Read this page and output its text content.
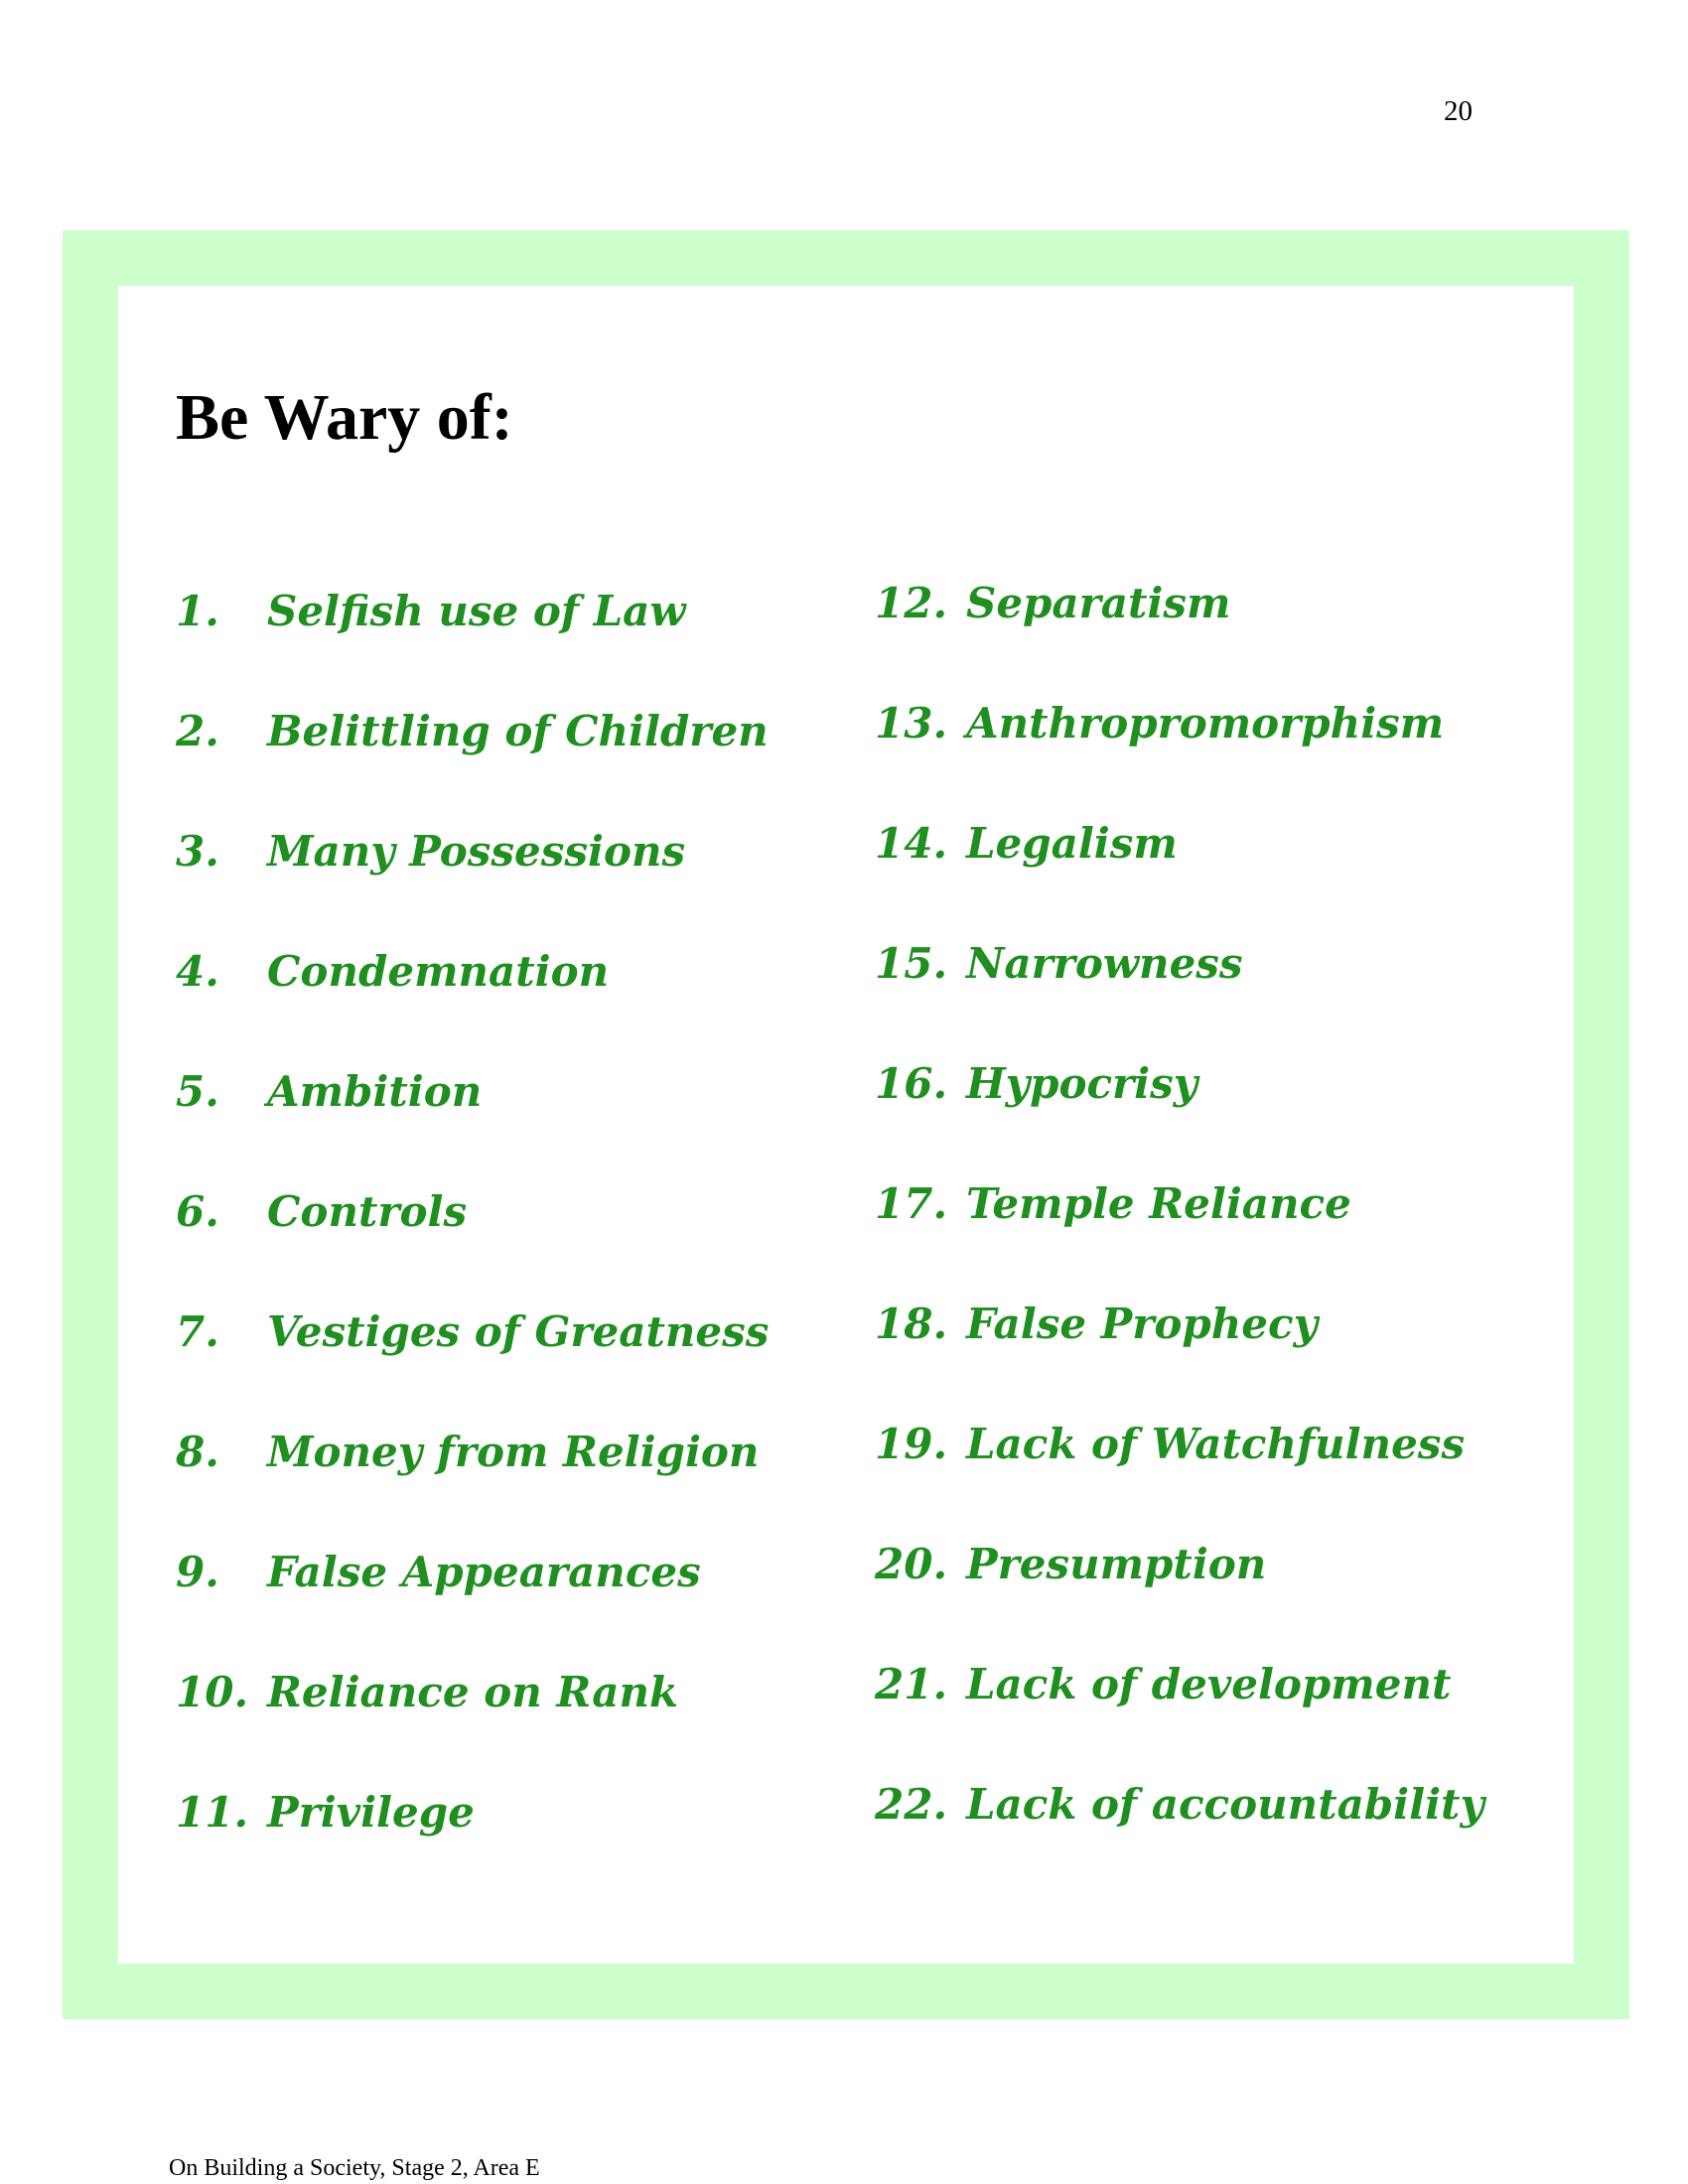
20
Be Wary of:
1. Selfish use of Law
2. Belittling of Children
3. Many Possessions
4. Condemnation
5. Ambition
6. Controls
7. Vestiges of Greatness
8. Money from Religion
9. False Appearances
10. Reliance on Rank
11. Privilege
12. Separatism
13. Anthropromorphism
14. Legalism
15. Narrowness
16. Hypocrisy
17. Temple Reliance
18. False Prophecy
19. Lack of Watchfulness
20. Presumption
21. Lack of development
22. Lack of accountability
On Building a Society, Stage 2, Area E
